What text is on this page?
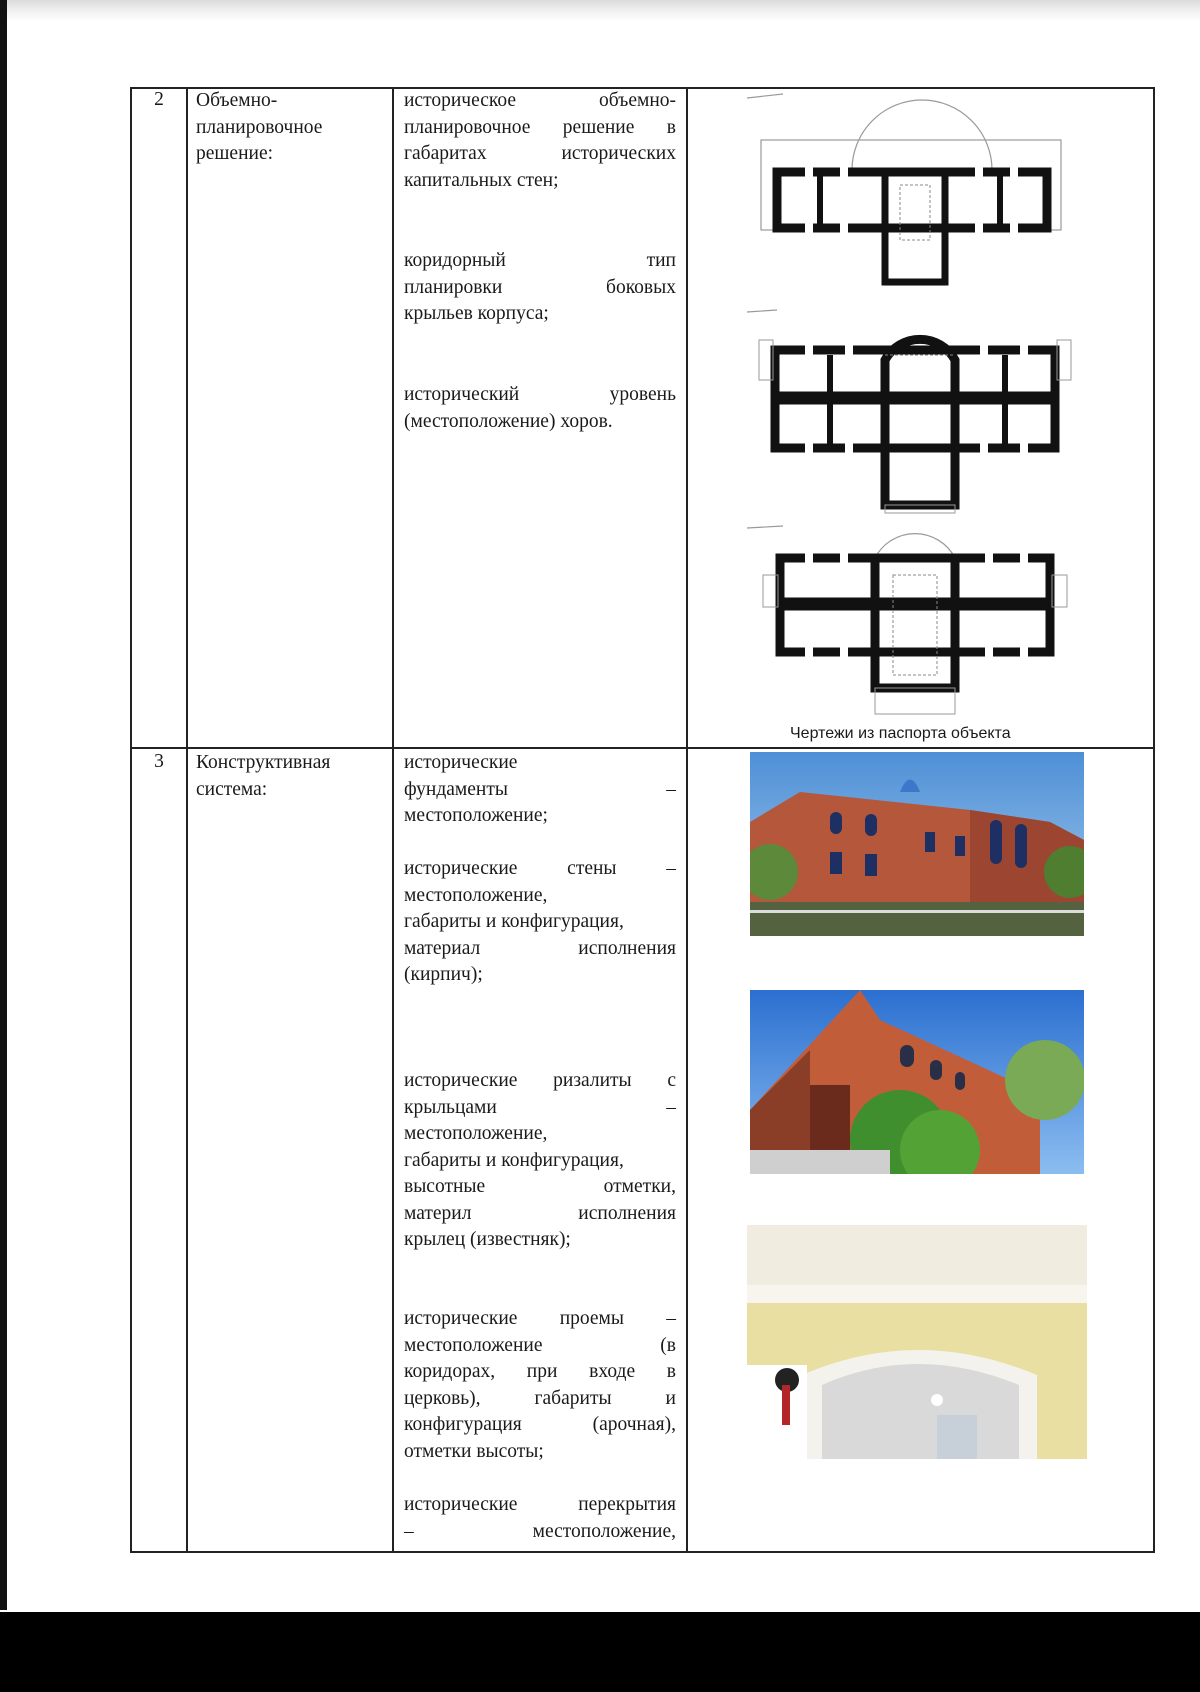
2	Объемно-
планировочное
решение:
историческое объемно-
планировочное решение в
габаритах исторических
капитальных стен;
коридорный тип
планировки боковых
крыльев корпуса;
исторический уровень
(местоположение) хоров.
Чертежи из паспорта объекта
3	Конструктивная
система:
исторические
фундаменты –
местоположение;
исторические стены –
местоположение,
габариты и конфигурация,
материал исполнения
(кирпич);
исторические ризалиты с
крыльцами –
местоположение,
габариты и конфигурация,
высотные отметки,
материл исполнения
крылец (известняк);
исторические проемы –
местоположение (в
коридорах, при входе в
церковь), габариты и
конфигурация (арочная),
отметки высоты;
исторические перекрытия
– местоположение,
